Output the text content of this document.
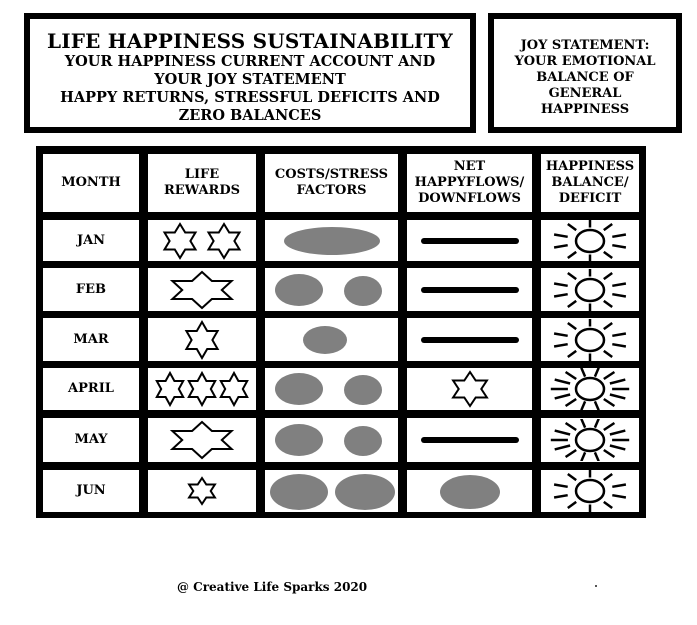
LIFE HAPPINESS SUSTAINABILITY
YOUR HAPPINESS CURRENT ACCOUNT AND
YOUR JOY STATEMENT
HAPPY RETURNS, STRESSFUL DEFICITS AND
ZERO BALANCES
JOY STATEMENT:
YOUR EMOTIONAL
BALANCE OF
GENERAL
HAPPINESS
MONTH
LIFE
REWARDS
COSTS/STRESS
FACTORS
NET
HAPPYFLOWS/
DOWNFLOWS
HAPPINESS
BALANCE/
DEFICIT
JAN
FEB
MAR
APRIL
MAY
JUN
@ Creative Life Sparks 2020
